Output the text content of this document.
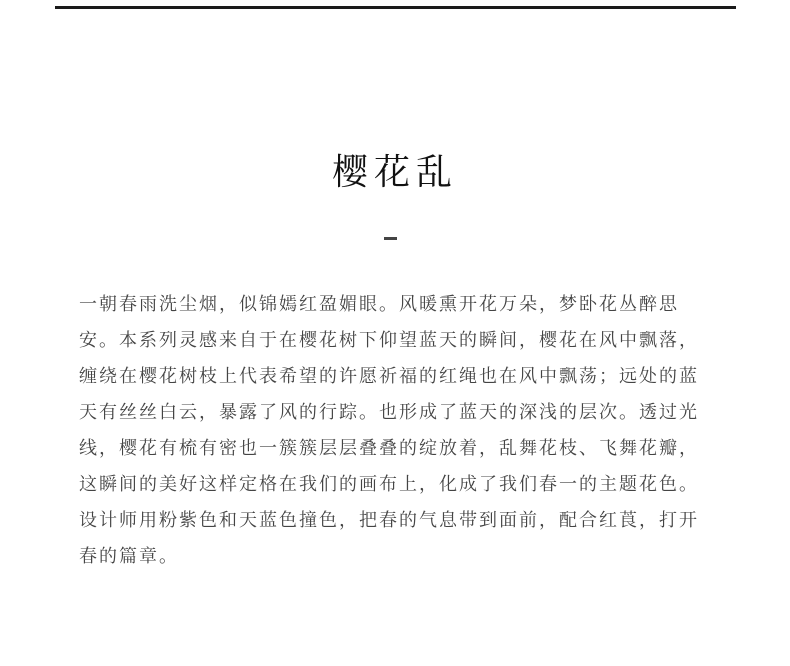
樱花乱
一朝春雨洗尘烟，似锦嫣红盈媚眼。风暖熏开花万朵，梦卧花丛醉思
安。本系列灵感来自于在樱花树下仰望蓝天的瞬间，樱花在风中飘落，
缠绕在樱花树枝上代表希望的许愿祈福的红绳也在风中飘荡；远处的蓝
天有丝丝白云，暴露了风的行踪。也形成了蓝天的深浅的层次。透过光
线，樱花有梳有密也一簇簇层层叠叠的绽放着，乱舞花枝、飞舞花瓣，
这瞬间的美好这样定格在我们的画布上，化成了我们春一的主题花色。
设计师用粉紫色和天蓝色撞色，把春的气息带到面前，配合红莨，打开
春的篇章。
